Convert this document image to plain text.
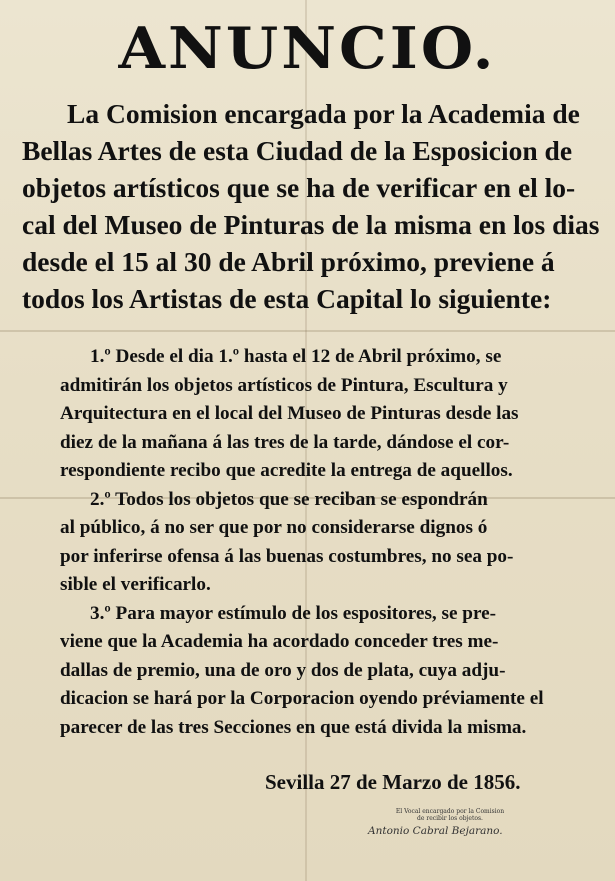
ANUNCIO.
La Comision encargada por la Academia de
Bellas Artes de esta Ciudad de la Esposicion de
objetos artísticos que se ha de verificar en el lo-
cal del Museo de Pinturas de la misma en los dias
desde el 15 al 30 de Abril próximo, previene á
todos los Artistas de esta Capital lo siguiente:
1.º Desde el dia 1.º hasta el 12 de Abril próximo, se
admitirán los objetos artísticos de Pintura, Escultura y
Arquitectura en el local del Museo de Pinturas desde las
diez de la mañana á las tres de la tarde, dándose el cor-
respondiente recibo que acredite la entrega de aquellos.
2.º Todos los objetos que se reciban se espondrán
al público, á no ser que por no considerarse dignos ó
por inferirse ofensa á las buenas costumbres, no sea po-
sible el verificarlo.
3.º Para mayor estímulo de los espositores, se pre-
viene que la Academia ha acordado conceder tres me-
dallas de premio, una de oro y dos de plata, cuya adju-
dicacion se hará por la Corporacion oyendo préviamente el
parecer de las tres Secciones en que está divida la misma.
Sevilla 27 de Marzo de 1856.
El Vocal encargado por la Comision
de recibir los objetos.
Antonio Cabral Bejarano.
